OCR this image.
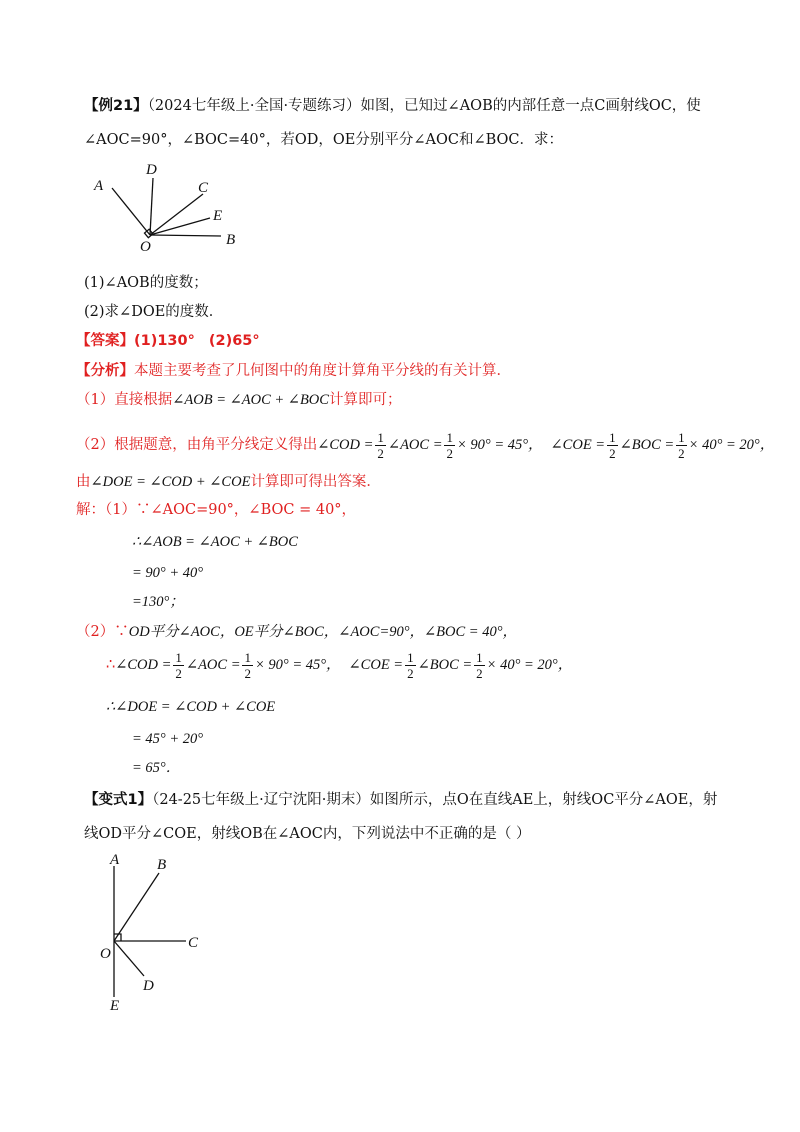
【例21】（2024七年级上·全国·专题练习）如图，已知过∠AOB的内部任意一点C画射线OC，使
∠AOC=90°，∠BOC=40°，若OD，OE分别平分∠AOC和∠BOC．求：
A
D
C
E
O	B
(1)∠AOB的度数；
(2)求∠DOE的度数．
【答案】(1)130° (2)65°
【分析】本题主要考查了几何图中的角度计算角平分线的有关计算．
（1）直接根据∠AOB = ∠AOC + ∠BOC计算即可；
（2）根据题意，由角平分线定义得出∠COD = $\frac{1}{2}$ ∠AOC = $\frac{1}{2} \times 90^\circ = 45^\circ$， ∠COE = $\frac{1}{2}$ ∠BOC = $\frac{1}{2} \times 40^\circ = 20^\circ$，
由∠DOE = ∠COD + ∠COE计算即可得出答案．
解：（1）∵∠AOC=90°，∠BOC = 40°，
∴∠AOB = ∠AOC + ∠BOC
= 90° + 40°
=130°；
（2）∵OD平分∠AOC，OE平分∠BOC，∠AOC=90°，∠BOC = 40°，
∴∠COD = $\frac{1}{2}$ ∠AOC = $\frac{1}{2} \times 90^\circ = 45^\circ$， ∠COE = $\frac{1}{2}$ ∠BOC = $\frac{1}{2} \times 40^\circ = 20^\circ$，
∴∠DOE = ∠COD + ∠COE
= 45° + 20°
= 65°．
【变式1】（24-25七年级上·辽宁沈阳·期末）如图所示，点O在直线AE上，射线OC平分∠AOE，射
线OD平分∠COE，射线OB在∠AOC内，下列说法中不正确的是（ ）
A	B
O
C
D
E
